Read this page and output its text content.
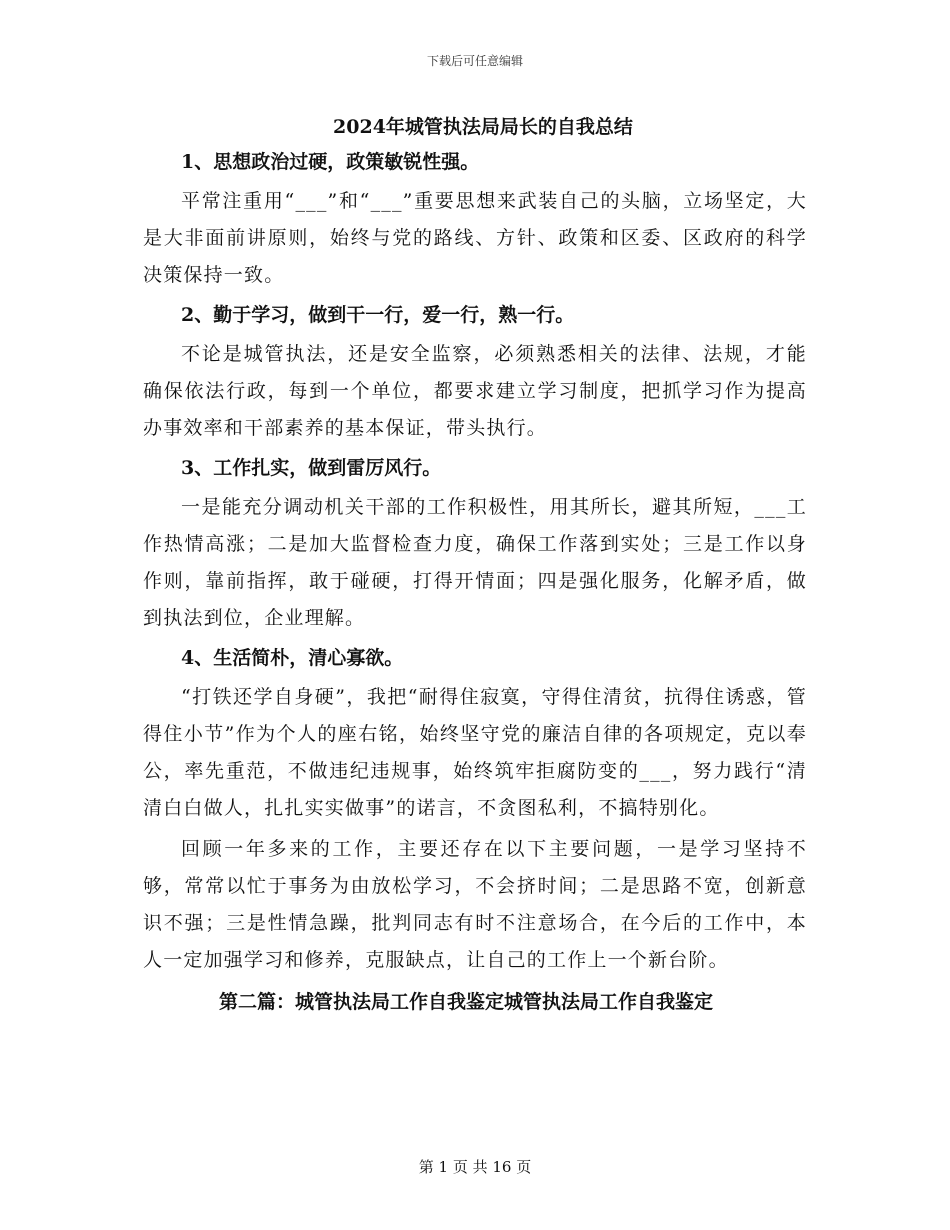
下载后可任意编辑
2024年城管执法局局长的自我总结
1、思想政治过硬，政策敏锐性强。
平常注重用“___”和“___”重要思想来武装自己的头脑，立场坚定，大是大非面前讲原则，始终与党的路线、方针、政策和区委、区政府的科学决策保持一致。
2、勤于学习，做到干一行，爱一行，熟一行。
不论是城管执法，还是安全监察，必须熟悉相关的法律、法规，才能确保依法行政，每到一个单位，都要求建立学习制度，把抓学习作为提高办事效率和干部素养的基本保证，带头执行。
3、工作扎实，做到雷厉风行。
一是能充分调动机关干部的工作积极性，用其所长，避其所短，___工作热情高涨；二是加大监督检查力度，确保工作落到实处；三是工作以身作则，靠前指挥，敢于碰硬，打得开情面；四是强化服务，化解矛盾，做到执法到位，企业理解。
4、生活简朴，清心寡欲。
“打铁还学自身硬”，我把“耐得住寂寞，守得住清贫，抗得住诱惑，管得住小节”作为个人的座右铭，始终坚守党的廉洁自律的各项规定，克以奉公，率先重范，不做违纪违规事，始终筑牢拒腐防变的___，努力践行“清清白白做人，扎扎实实做事”的诺言，不贪图私利，不搞特别化。
回顾一年多来的工作，主要还存在以下主要问题，一是学习坚持不够，常常以忙于事务为由放松学习，不会挤时间；二是思路不宽，创新意识不强；三是性情急躁，批判同志有时不注意场合，在今后的工作中，本人一定加强学习和修养，克服缺点，让自己的工作上一个新台阶。
第二篇：城管执法局工作自我鉴定城管执法局工作自我鉴定
第 1 页 共 16 页
